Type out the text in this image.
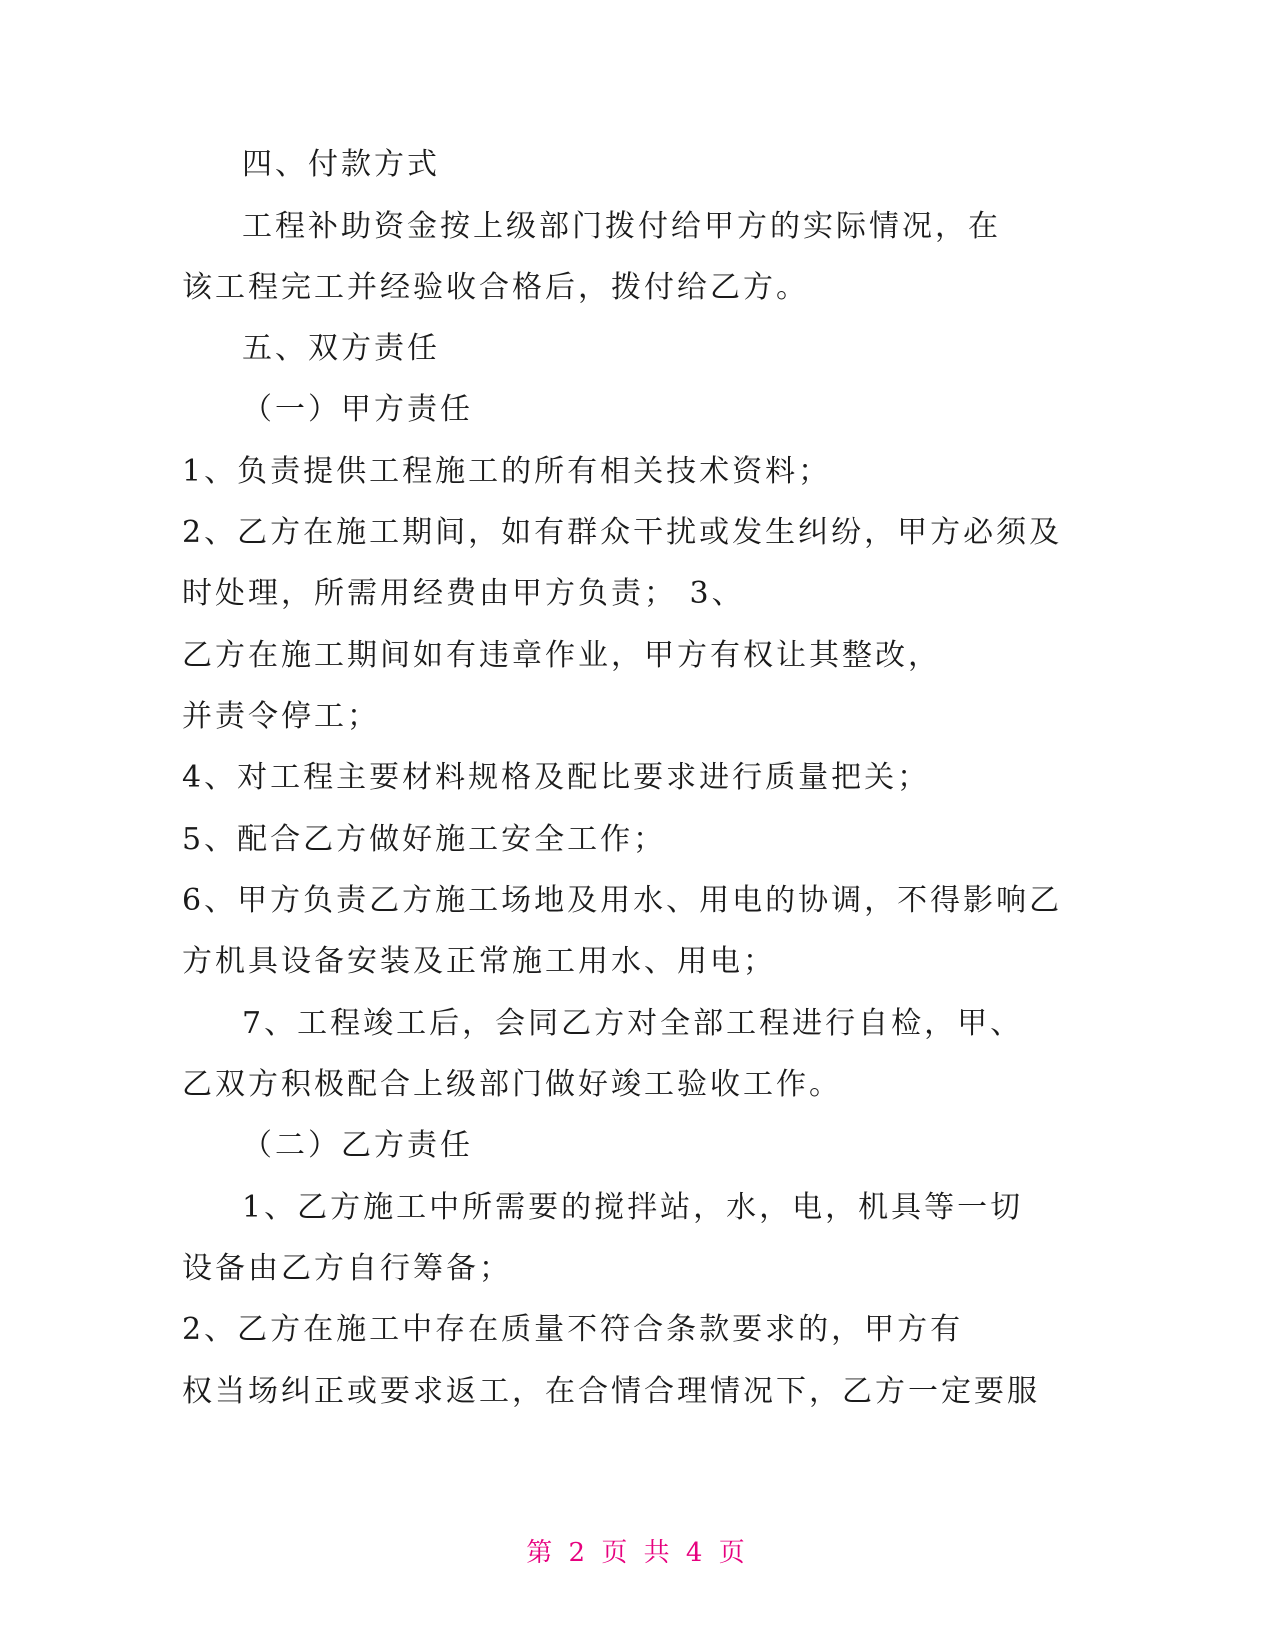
四、付款方式
工程补助资金按上级部门拨付给甲方的实际情况，在
该工程完工并经验收合格后，拨付给乙方。
五、双方责任
（一）甲方责任
1、负责提供工程施工的所有相关技术资料；
2、乙方在施工期间，如有群众干扰或发生纠纷，甲方必须及
时处理，所需用经费由甲方负责； 3、
乙方在施工期间如有违章作业，甲方有权让其整改，
并责令停工；
4、对工程主要材料规格及配比要求进行质量把关；
5、配合乙方做好施工安全工作；
6、甲方负责乙方施工场地及用水、用电的协调，不得影响乙
方机具设备安装及正常施工用水、用电；
7、工程竣工后，会同乙方对全部工程进行自检，甲、
乙双方积极配合上级部门做好竣工验收工作。
（二）乙方责任
1、乙方施工中所需要的搅拌站，水，电，机具等一切
设备由乙方自行筹备；
2、乙方在施工中存在质量不符合条款要求的，甲方有
权当场纠正或要求返工，在合情合理情况下，乙方一定要服
第 2 页 共 4 页
